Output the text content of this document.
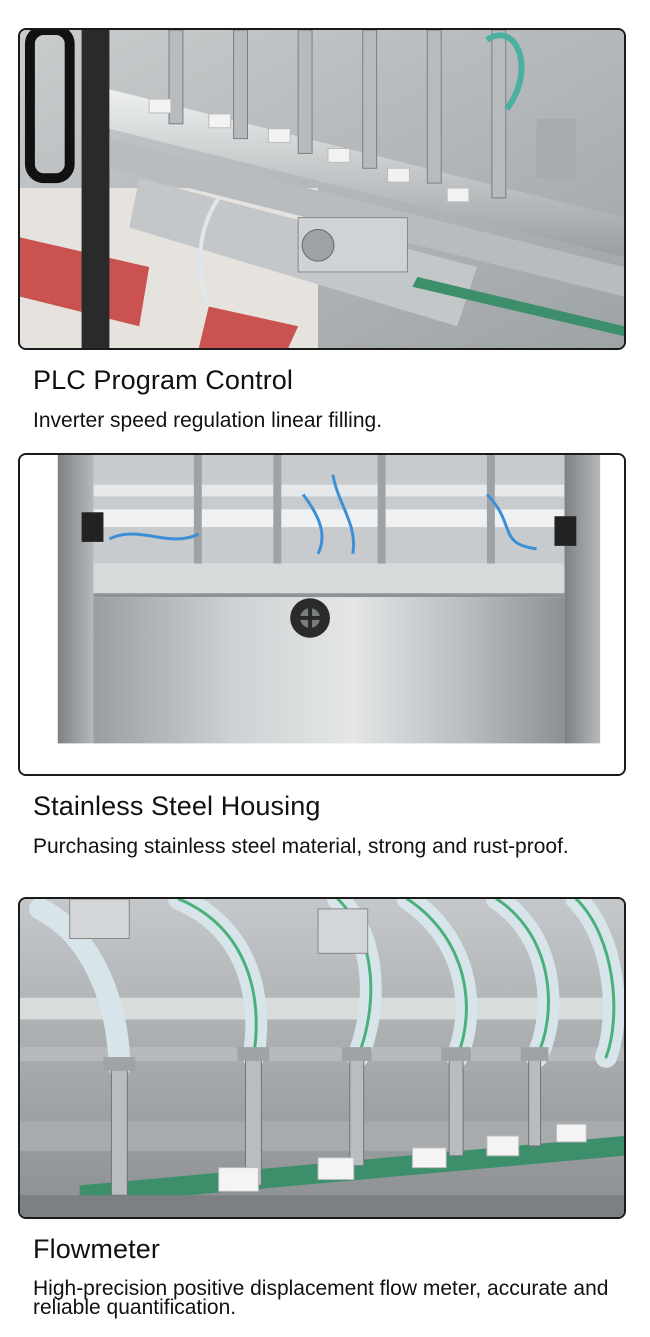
PLC Program Control
Inverter speed regulation linear filling.
Stainless Steel Housing
Purchasing stainless steel material, strong and rust-proof.
Flowmeter
High-precision positive displacement flow meter, accurate and reliable quantification.
